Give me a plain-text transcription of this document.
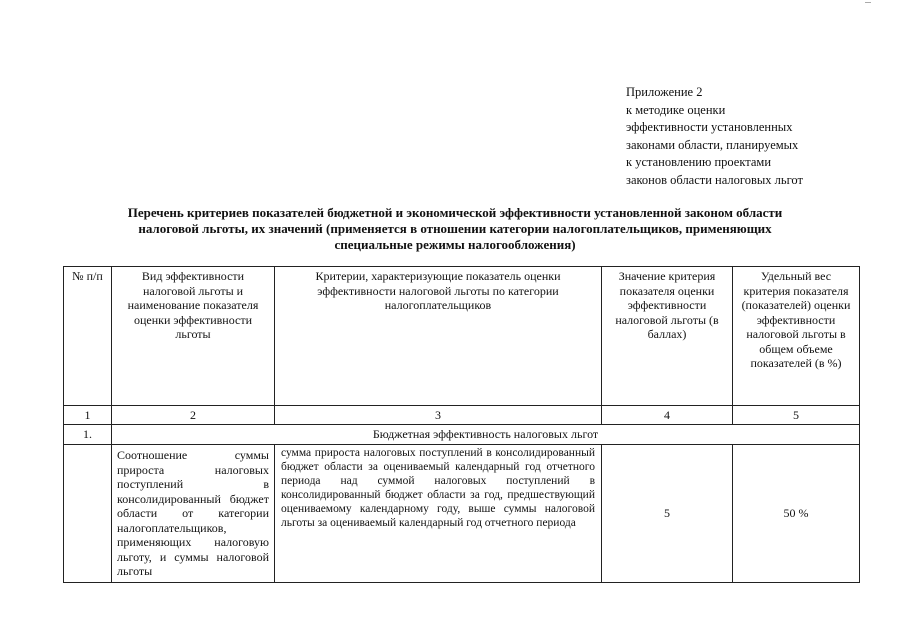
Приложение 2
к методике оценки
эффективности установленных
законами области, планируемых
к установлению проектами
законов области налоговых льгот
Перечень критериев показателей бюджетной и экономической эффективности установленной законом области
налоговой льготы, их значений (применяется в отношении категории налогоплательщиков, применяющих
специальные режимы налогообложения)
№ п/п	Вид эффективности налоговой льготы и наименование показателя оценки эффективности льготы	Критерии, характеризующие показатель оценки эффективности налоговой льготы по категории налогоплательщиков	Значение критерия показателя оценки эффективности налоговой льготы (в баллах)	Удельный вес критерия показателя (показателей) оценки эффективности налоговой льготы в общем объеме показателей (в %)
1	2	3	4	5
1.	Бюджетная эффективность налоговых льгот			
	Соотношение суммы прироста налоговых поступлений в консолидированный бюджет области от категории налогоплательщиков, применяющих налоговую льготу, и суммы налоговой льготы	сумма прироста налоговых поступлений в консолидированный бюджет области за оцениваемый календарный год отчетного периода над суммой налоговых поступлений в консолидированный бюджет области за год, предшествующий оцениваемому календарному году, выше суммы налоговой льготы за оцениваемый календарный год отчетного периода	5	50 %
